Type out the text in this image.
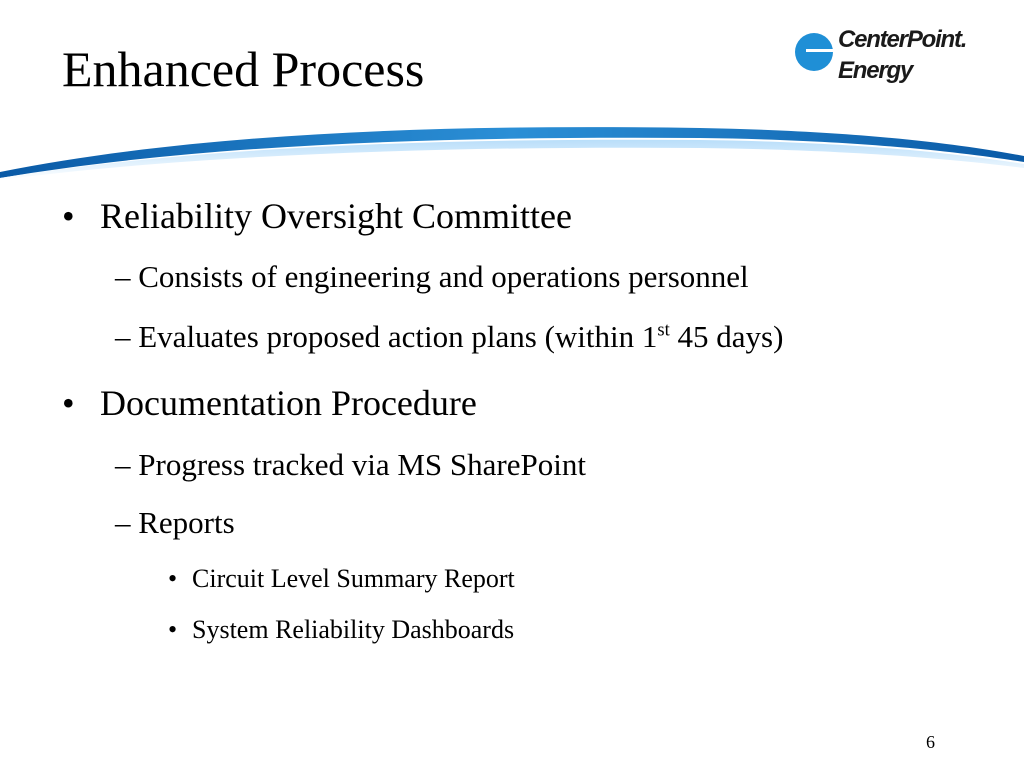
Enhanced Process
CenterPoint.
Energy
• Reliability Oversight Committee
– Consists of engineering and operations personnel
– Evaluates proposed action plans (within 1st 45 days)
• Documentation Procedure
– Progress tracked via MS SharePoint
– Reports
• Circuit Level Summary Report
• System Reliability Dashboards
6
